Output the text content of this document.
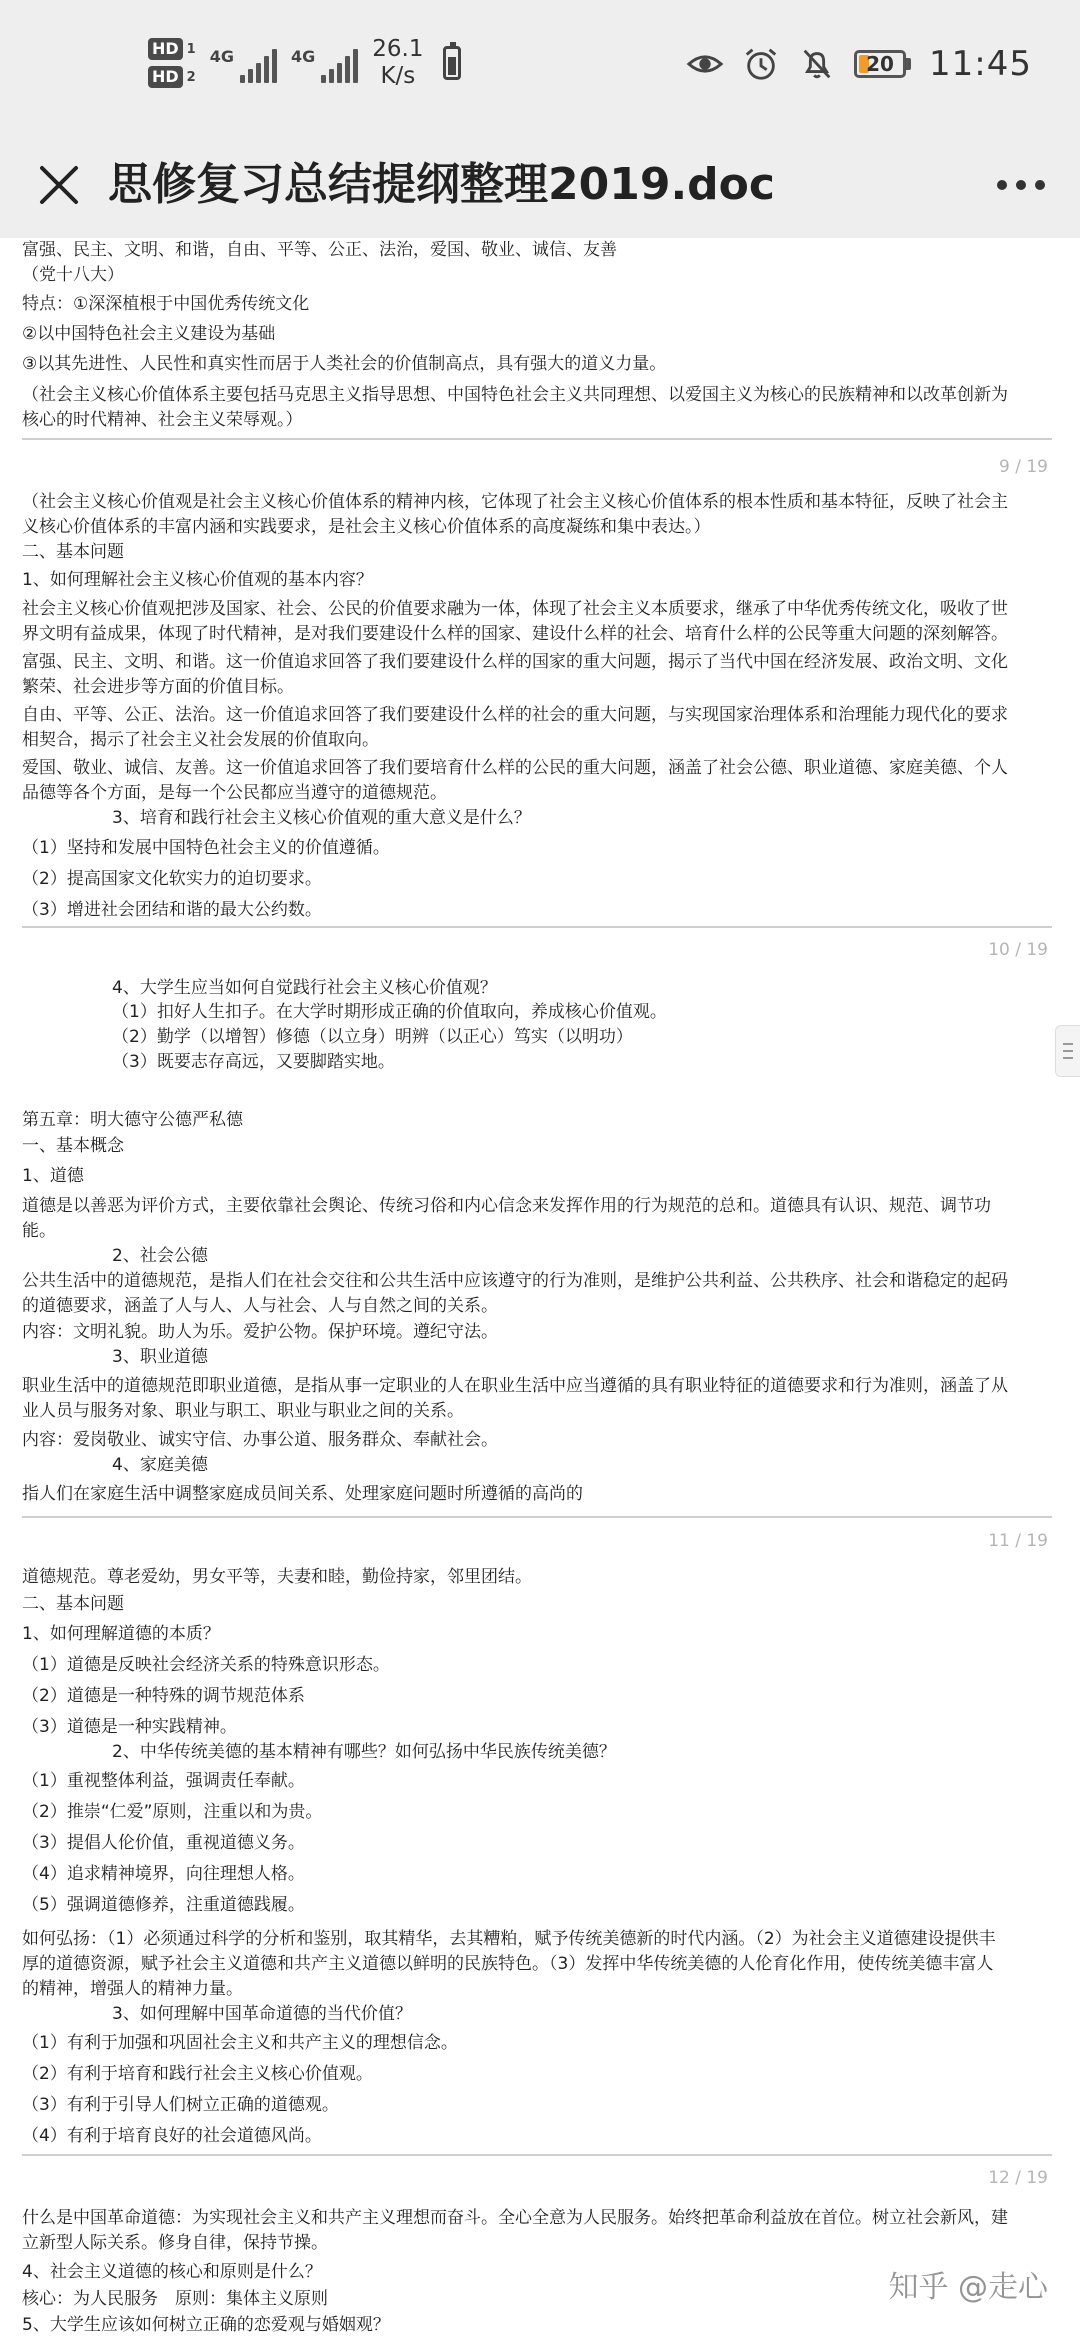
HD 1
HD 2
4G	4G 26.1
K/s	20 11:45
思修复习总结提纲整理2019.doc
富强、民主、文明、和谐，自由、平等、公正、法治，爱国、敬业、诚信、友善
（党十八大）
特点：①深深植根于中国优秀传统文化
②以中国特色社会主义建设为基础
③以其先进性、人民性和真实性而居于人类社会的价值制高点，具有强大的道义力量。
（社会主义核心价值体系主要包括马克思主义指导思想、中国特色社会主义共同理想、以爱国主义为核心的民族精神和以改革创新为
核心的时代精神、社会主义荣辱观。）
9 / 19
（社会主义核心价值观是社会主义核心价值体系的精神内核，它体现了社会主义核心价值体系的根本性质和基本特征，反映了社会主
义核心价值体系的丰富内涵和实践要求，是社会主义核心价值体系的高度凝练和集中表达。）
二、基本问题
1、如何理解社会主义核心价值观的基本内容？
社会主义核心价值观把涉及国家、社会、公民的价值要求融为一体，体现了社会主义本质要求，继承了中华优秀传统文化，吸收了世
界文明有益成果，体现了时代精神，是对我们要建设什么样的国家、建设什么样的社会、培育什么样的公民等重大问题的深刻解答。
富强、民主、文明、和谐。这一价值追求回答了我们要建设什么样的国家的重大问题，揭示了当代中国在经济发展、政治文明、文化
繁荣、社会进步等方面的价值目标。
自由、平等、公正、法治。这一价值追求回答了我们要建设什么样的社会的重大问题，与实现国家治理体系和治理能力现代化的要求
相契合，揭示了社会主义社会发展的价值取向。
爱国、敬业、诚信、友善。这一价值追求回答了我们要培育什么样的公民的重大问题，涵盖了社会公德、职业道德、家庭美德、个人
品德等各个方面，是每一个公民都应当遵守的道德规范。
3、培育和践行社会主义核心价值观的重大意义是什么？
（1）坚持和发展中国特色社会主义的价值遵循。
（2）提高国家文化软实力的迫切要求。
（3）增进社会团结和谐的最大公约数。
10 / 19
4、大学生应当如何自觉践行社会主义核心价值观？
（1）扣好人生扣子。在大学时期形成正确的价值取向，养成核心价值观。
（2）勤学（以增智）修德（以立身）明辨（以正心）笃实（以明功）
（3）既要志存高远，又要脚踏实地。
第五章：明大德守公德严私德
一、基本概念
1、道德
道德是以善恶为评价方式，主要依靠社会舆论、传统习俗和内心信念来发挥作用的行为规范的总和。道德具有认识、规范、调节功
能。
2、社会公德
公共生活中的道德规范，是指人们在社会交往和公共生活中应该遵守的行为准则，是维护公共利益、公共秩序、社会和谐稳定的起码
的道德要求，涵盖了人与人、人与社会、人与自然之间的关系。
内容：文明礼貌。助人为乐。爱护公物。保护环境。遵纪守法。
3、职业道德
职业生活中的道德规范即职业道德，是指从事一定职业的人在职业生活中应当遵循的具有职业特征的道德要求和行为准则，涵盖了从
业人员与服务对象、职业与职工、职业与职业之间的关系。
内容：爱岗敬业、诚实守信、办事公道、服务群众、奉献社会。
4、家庭美德
指人们在家庭生活中调整家庭成员间关系、处理家庭问题时所遵循的高尚的
11 / 19
道德规范。尊老爱幼，男女平等，夫妻和睦，勤俭持家，邻里团结。
二、基本问题
1、如何理解道德的本质？
（1）道德是反映社会经济关系的特殊意识形态。
（2）道德是一种特殊的调节规范体系
（3）道德是一种实践精神。
2、中华传统美德的基本精神有哪些？如何弘扬中华民族传统美德？
（1）重视整体利益，强调责任奉献。
（2）推崇“仁爱”原则，注重以和为贵。
（3）提倡人伦价值，重视道德义务。
（4）追求精神境界，向往理想人格。
（5）强调道德修养，注重道德践履。
如何弘扬：（1）必须通过科学的分析和鉴别，取其精华，去其糟粕，赋予传统美德新的时代内涵。（2）为社会主义道德建设提供丰
厚的道德资源，赋予社会主义道德和共产主义道德以鲜明的民族特色。（3）发挥中华传统美德的人伦育化作用，使传统美德丰富人
的精神，增强人的精神力量。
3、如何理解中国革命道德的当代价值？
（1）有利于加强和巩固社会主义和共产主义的理想信念。
（2）有利于培育和践行社会主义核心价值观。
（3）有利于引导人们树立正确的道德观。
（4）有利于培育良好的社会道德风尚。
12 / 19
什么是中国革命道德：为实现社会主义和共产主义理想而奋斗。全心全意为人民服务。始终把革命利益放在首位。树立社会新风，建
立新型人际关系。修身自律，保持节操。
4、社会主义道德的核心和原则是什么？
核心：为人民服务　原则：集体主义原则
5、大学生应该如何树立正确的恋爱观与婚姻观？
知乎 @走心
